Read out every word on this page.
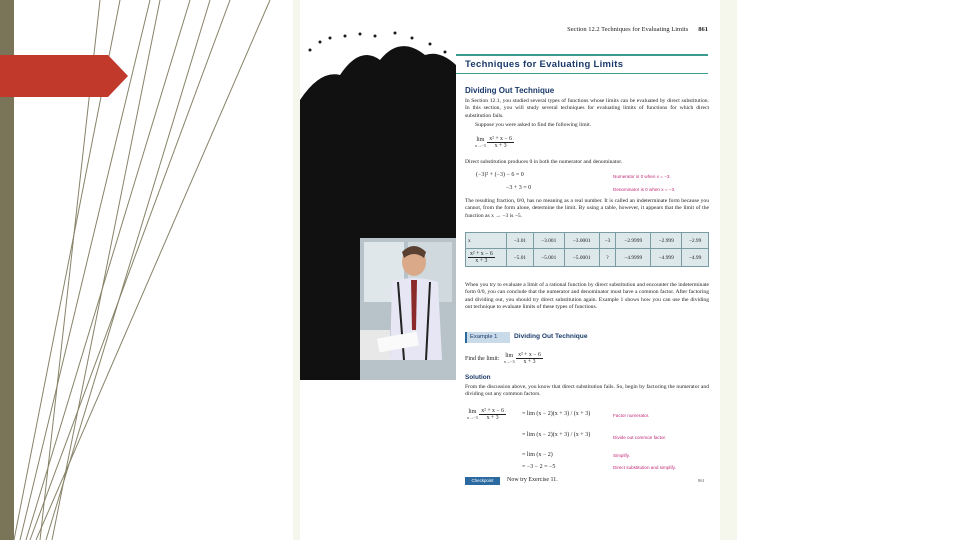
Section 12.2 Techniques for Evaluating Limits 861
12.2 Techniques for Evaluating Limits
Dividing Out Technique
In Section 12.1, you studied several types of functions whose limits can be evaluated by direct substitution. In this section, you will study several techniques for evaluating limits of functions for which direct substitution fails.
Suppose you were asked to find the following limit.
lim
x→−3
$\frac{\text{x² + x − 6}}{x + 3}$
Direct substitution produces 0 in both the numerator and denominator.
(−3)² + (−3) − 6 = 0	Numerator is 0 when x = −3.
−3 + 3 = 0	Denominator is 0 when x = −3.
The resulting fraction, 0/0, has no meaning as a real number. It is called an indeterminate form because you cannot, from the form alone, determine the limit. By using a table, however, it appears that the limit of the function as x → −3 is −5.
x	−3.01	−3.001	−3.0001	−3	−2.9999	−2.999	−2.99

$\frac{\text{x² + x − 6}}{x + 3}$	−5.01	−5.001	−5.0001	?	−4.9999	−4.999	−4.99
When you try to evaluate a limit of a rational function by direct substitution and encounter the indeterminate form 0/0, you can conclude that the numerator and denominator must have a common factor. After factoring and dividing out, you should try direct substitution again. Example 1 shows how you can use the dividing out technique to evaluate limits of these types of functions.
Example 1	Dividing Out Technique
Find the limit: lim
x→−3
$\frac{\text{x² + x − 6}}{x + 3}$
Solution
From the discussion above, you know that direct substitution fails. So, begin by factoring the numerator and dividing out any common factors.
lim
x→−3
$\frac{\text{x² + x − 6}}{x + 3}$	= lim (x − 2)(x + 3) / (x + 3)	Factor numerator.
= lim (x − 2)(x + 3) / (x + 3)	Divide out common factor.
= lim (x − 2)	Simplify.
= −3 − 2 = −5	Direct substitution and simplify.
Checkpoint	Now try Exercise 11.	861
